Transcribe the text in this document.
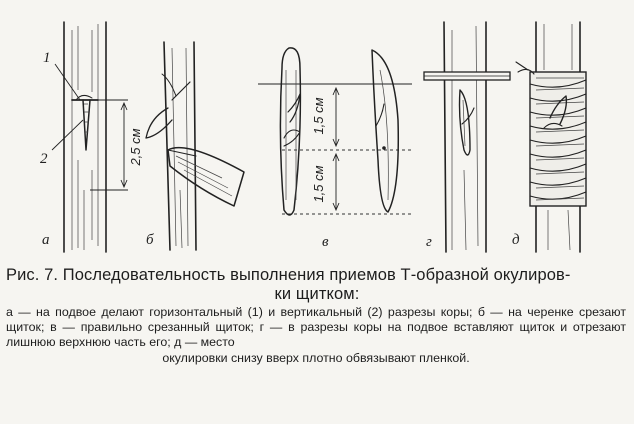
2,5 см
1
2
а	б
1,5 см
1,5 см
в	г	д
Рис. 7. Последовательность выполнения приемов Т-образной окулиров-
ки щитком:
а — на подвое делают горизонтальный (1) и вертикальный (2) разрезы коры; б — на черенке срезают щиток; в — правильно срезанный щиток; г — в разрезы коры на подвое вставляют щиток и отрезают лишнюю верхнюю часть его; д — место
окулировки снизу вверх плотно обвязывают пленкой.
